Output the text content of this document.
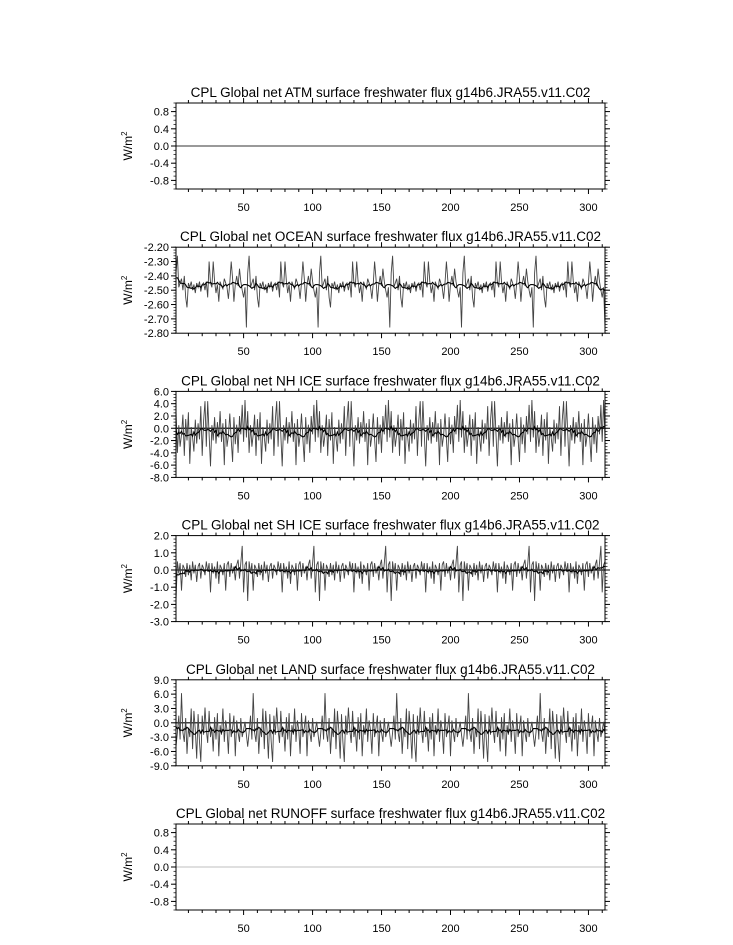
CPL Global net ATM surface freshwater flux g14b6.JRA55.v11.C02
$W/m^2$
50	100	150	200	250	300
0.8
0.4
0.0
-0.4
-0.8
CPL Global net OCEAN surface freshwater flux g14b6.JRA55.v11.C02
$W/m^2$
50	100	150	200	250	300
-2.20
-2.30
-2.40
-2.50
-2.60
-2.70
-2.80
CPL Global net NH ICE surface freshwater flux g14b6.JRA55.v11.C02
$W/m^2$
50	100	150	200	250	300
6.0
4.0
2.0
0.0
-2.0
-4.0
-6.0
-8.0
CPL Global net SH ICE surface freshwater flux g14b6.JRA55.v11.C02
$W/m^2$
50	100	150	200	250	300
2.0
1.0
0.0
-1.0
-2.0
-3.0
CPL Global net LAND surface freshwater flux g14b6.JRA55.v11.C02
$W/m^2$
50	100	150	200	250	300
9.0
6.0
3.0
0.0
-3.0
-6.0
-9.0
CPL Global net RUNOFF surface freshwater flux g14b6.JRA55.v11.C02
$W/m^2$
50	100	150	200	250	300
0.8
0.4
0.0
-0.4
-0.8
